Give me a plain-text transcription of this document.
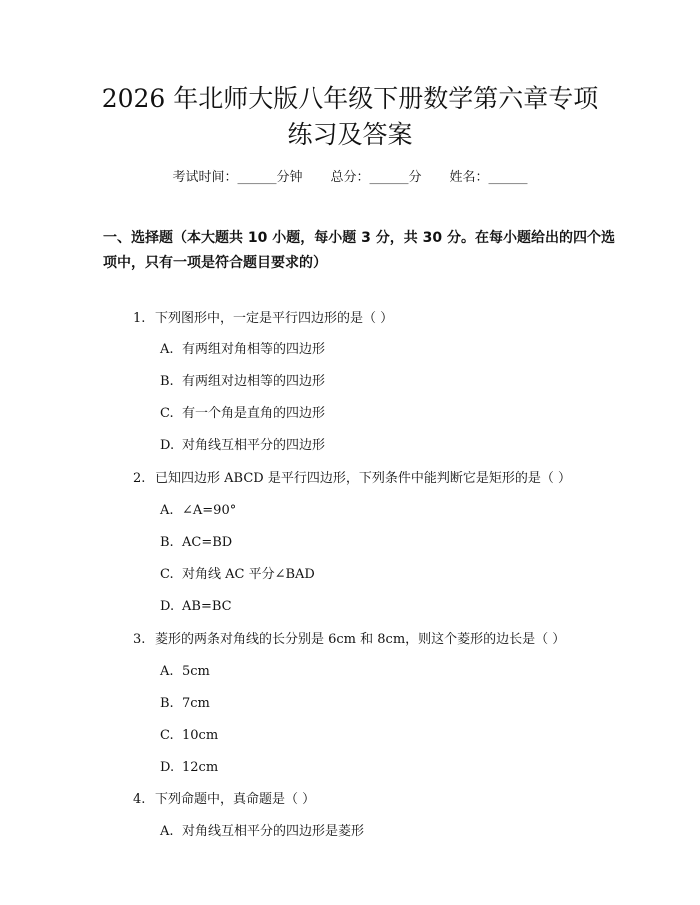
2026 年北师大版八年级下册数学第六章专项
练习及答案
考试时间：______分钟 总分：______分 姓名：______
一、选择题（本大题共 10 小题，每小题 3 分，共 30 分。在每小题给出的四个选
项中，只有一项是符合题目要求的）
1. 下列图形中，一定是平行四边形的是（ ）
A. 有两组对角相等的四边形
B. 有两组对边相等的四边形
C. 有一个角是直角的四边形
D. 对角线互相平分的四边形
2. 已知四边形 ABCD 是平行四边形，下列条件中能判断它是矩形的是（ ）
A. ∠A=90°
B. AC=BD
C. 对角线 AC 平分∠BAD
D. AB=BC
3. 菱形的两条对角线的长分别是 6cm 和 8cm，则这个菱形的边长是（ ）
A. 5cm
B. 7cm
C. 10cm
D. 12cm
4. 下列命题中，真命题是（ ）
A. 对角线互相平分的四边形是菱形
